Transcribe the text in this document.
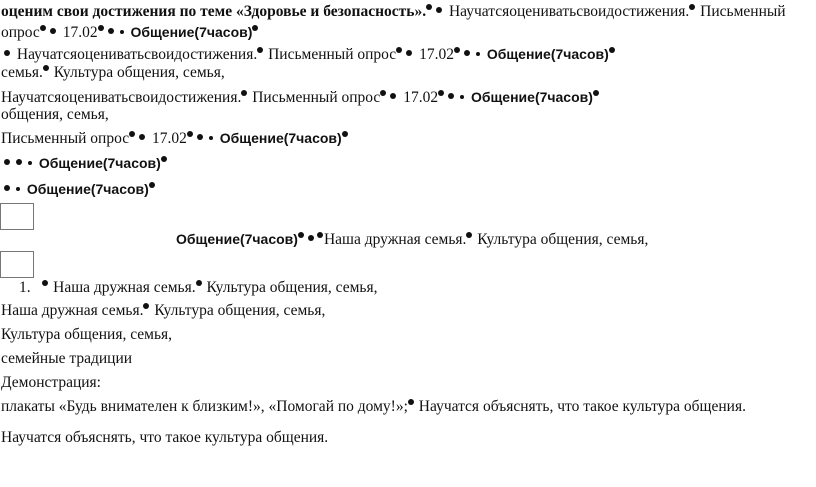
оценим свои достижения по теме «Здоровье и безопасность». Научатсяоцениватьсвоидостижения. Письменный
опрос 17.02 Общение(7часов)
Научатсяоцениватьсвоидостижения. Письменный опрос 17.02 Общение(7часов)
семья. Культура общения, семья,
Научатсяоцениватьсвоидостижения. Письменный опрос 17.02 Общение(7часов)
общения, семья,
Письменный опрос 17.02 Общение(7часов)
Общение(7часов)
Общение(7часов)
Общение(7часов) Наша дружная семья. Культура общения, семья,
1. Наша дружная семья. Культура общения, семья,
Наша дружная семья. Культура общения, семья,
Культура общения, семья,
семейные традиции
Демонстрация:
плакаты «Будь внимателен к близким!», «Помогай по дому!»; Научатся объяснять, что такое культура общения.
Научатся объяснять, что такое культура общения.
